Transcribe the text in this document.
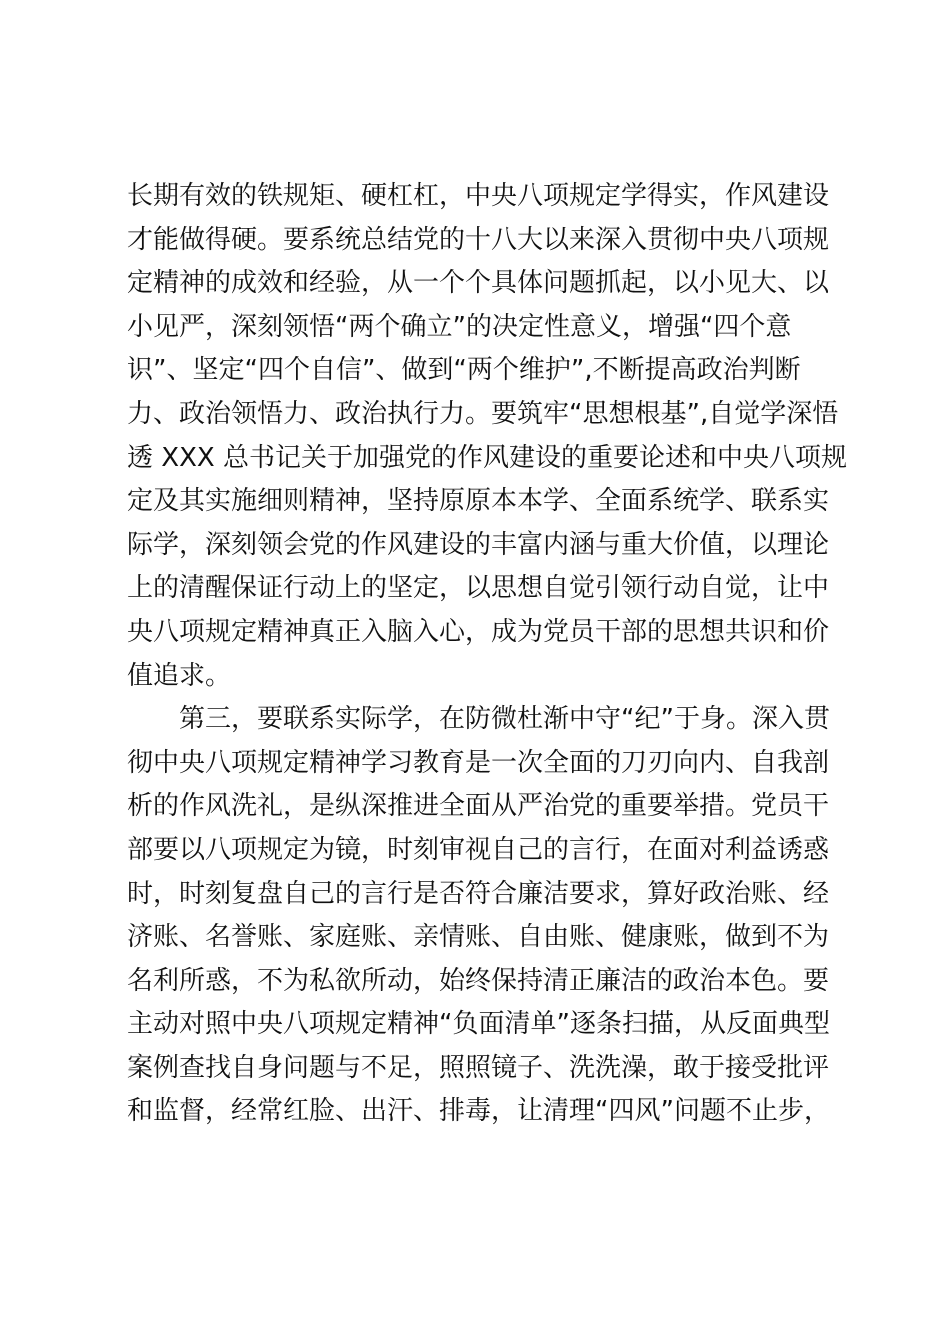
长期有效的铁规矩、硬杠杠，中央八项规定学得实，作风建设
才能做得硬。要系统总结党的十八大以来深入贯彻中央八项规
定精神的成效和经验，从一个个具体问题抓起，以小见大、以
小见严，深刻领悟“两个确立”的决定性意义，增强“四个意
识”、坚定“四个自信”、做到“两个维护”,不断提高政治判断
力、政治领悟力、政治执行力。要筑牢“思想根基”,自觉学深悟
透 XXX 总书记关于加强党的作风建设的重要论述和中央八项规
定及其实施细则精神，坚持原原本本学、全面系统学、联系实
际学，深刻领会党的作风建设的丰富内涵与重大价值，以理论
上的清醒保证行动上的坚定，以思想自觉引领行动自觉，让中
央八项规定精神真正入脑入心，成为党员干部的思想共识和价
值追求。
第三，要联系实际学，在防微杜渐中守“纪”于身。深入贯
彻中央八项规定精神学习教育是一次全面的刀刃向内、自我剖
析的作风洗礼，是纵深推进全面从严治党的重要举措。党员干
部要以八项规定为镜，时刻审视自己的言行，在面对利益诱惑
时，时刻复盘自己的言行是否符合廉洁要求，算好政治账、经
济账、名誉账、家庭账、亲情账、自由账、健康账，做到不为
名利所惑，不为私欲所动，始终保持清正廉洁的政治本色。要
主动对照中央八项规定精神“负面清单”逐条扫描，从反面典型
案例查找自身问题与不足，照照镜子、洗洗澡，敢于接受批评
和监督，经常红脸、出汗、排毒，让清理“四风”问题不止步，
